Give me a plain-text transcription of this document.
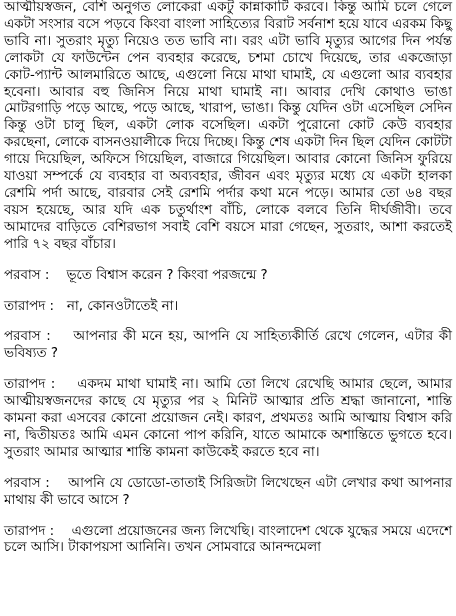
আত্মীয়স্বজন, বেশি অনুগত লোকেরা একটু কান্নাকাটি করবে। কিন্তু আমি চলে গেলে একটা সংসার বসে পড়বে কিংবা বাংলা সাহিত্যের বিরাট সর্বনাশ হয়ে যাবে এরকম কিছু ভাবি না। সুতরাং মৃত্যু নিয়েও তত ভাবি না। বরং এটা ভাবি মৃত্যুর আগের দিন পর্যন্ত লোকটা যে ফাউন্টেন পেন ব্যবহার করেছে, চশমা চোখে দিয়েছে, তার একজোড়া কোট-প্যান্ট আলমারিতে আছে, এগুলো নিয়ে মাথা ঘামাই, যে এগুলো আর ব্যবহার হবেনা। আবার বহু জিনিস নিয়ে মাথা ঘামাই না। আবার দেখি কোথাও ভাঙা মোটরগাড়ি পড়ে আছে, পড়ে আছে, খারাপ, ভাঙা। কিন্তু যেদিন ওটা এসেছিল সেদিন কিন্তু ওটা চালু ছিল, একটা লোক বসেছিল। একটা পুরোনো কোট কেউ ব্যবহার করছেনা, লোকে বাসনওয়ালীকে দিয়ে দিচ্ছে। কিন্তু শেষ একটা দিন ছিল যেদিন কোটটা গায়ে দিয়েছিল, অফিসে গিয়েছিল, বাজারে গিয়েছিল। আবার কোনো জিনিস ফুরিয়ে যাওয়া সম্পর্কে যে ব্যবহার বা অব্যবহার, জীবন এবং মৃত্যুর মধ্যে যে একটা হালকা রেশমি পর্দা আছে, বারবার সেই রেশমি পর্দার কথা মনে পড়ে। আমার তো ৬৪ বছর বয়স হয়েছে, আর যদি এক চতুর্থাংশ বাঁচি, লোকে বলবে তিনি দীর্ঘজীবী। তবে আমাদের বাড়িতে বেশিরভাগ সবাই বেশি বয়সে মারা গেছেন, সুতরাং, আশা করতেই পারি ৭২ বছর বাঁচার।

পরবাস : ভূতে বিশ্বাস করেন ? কিংবা পরজন্মে ?

তারাপদ : না, কোনওটাতেই না।

পরবাস : আপনার কী মনে হয়, আপনি যে সাহিত্যকীর্তি রেখে গেলেন, এটার কী ভবিষ্যত ?

তারাপদ : একদম মাথা ঘামাই না। আমি তো লিখে রেখেছি আমার ছেলে, আমার আত্মীয়স্বজনদের কাছে যে মৃত্যুর পর ২ মিনিট আত্মার প্রতি শ্রদ্ধা জানানো, শান্তি কামনা করা এসবের কোনো প্রয়োজন নেই। কারণ, প্রথমতঃ আমি আত্মায় বিশ্বাস করি না, দ্বিতীয়তঃ আমি এমন কোনো পাপ করিনি, যাতে আমাকে অশান্তিতে ভুগতে হবে। সুতরাং আমার আত্মার শান্তি কামনা কাউকেই করতে হবে না।

পরবাস : আপনি যে ডোডো-তাতাই সিরিজটা লিখেছেন এটা লেখার কথা আপনার মাথায় কী ভাবে আসে ?

তারাপদ : এগুলো প্রয়োজনের জন্য লিখেছি। বাংলাদেশ থেকে যুদ্ধের সময়ে এদেশে চলে আসি। টাকাপয়সা আনিনি। তখন সোমবারে আনন্দমেলা
